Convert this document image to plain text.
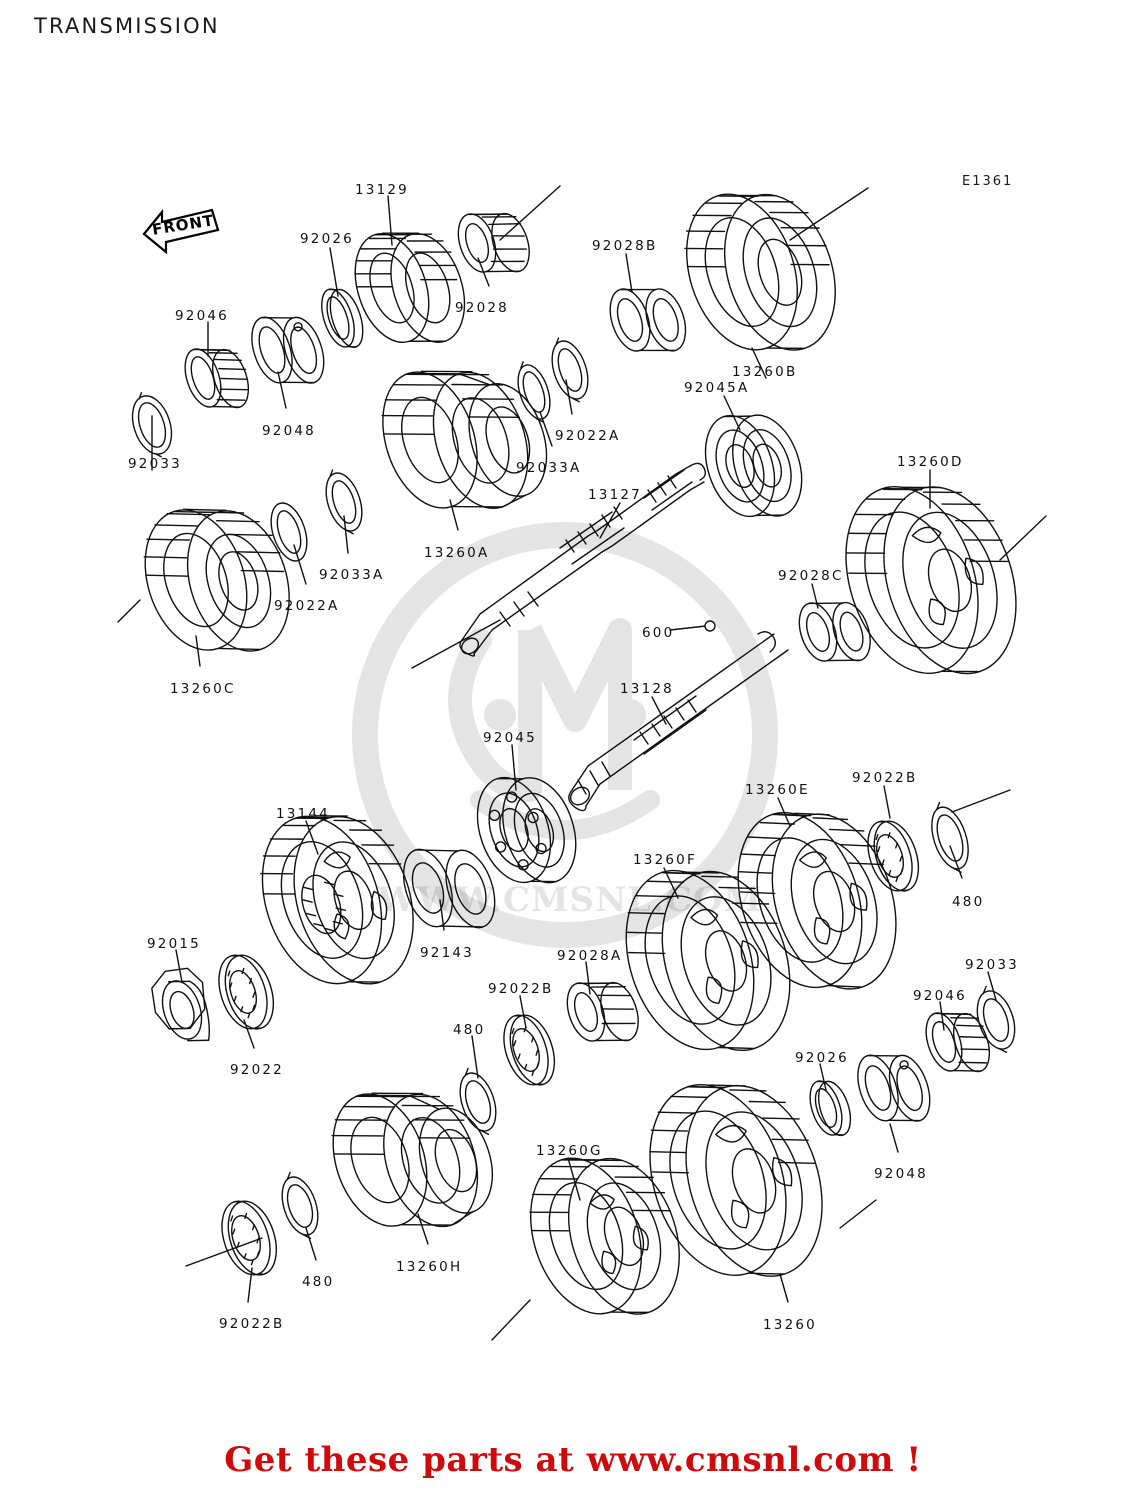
TRANSMISSION
E1361
WWW.CMSNL.COM
FRONT
13129
92026	92028B
92028
92046
13260B
92045A
92048	92022A
92033	13260D
92033A
13127
13260A
92033A	92028C
92022A
600
13260C	13128
92045
13260E
92022B
13144
13260F
480
92143	92028A
92015
92033
92022B	92046
480
92026
92022
13260G
92048
480
13260H
13260
92022B
Get these parts at www.cmsnl.com !
